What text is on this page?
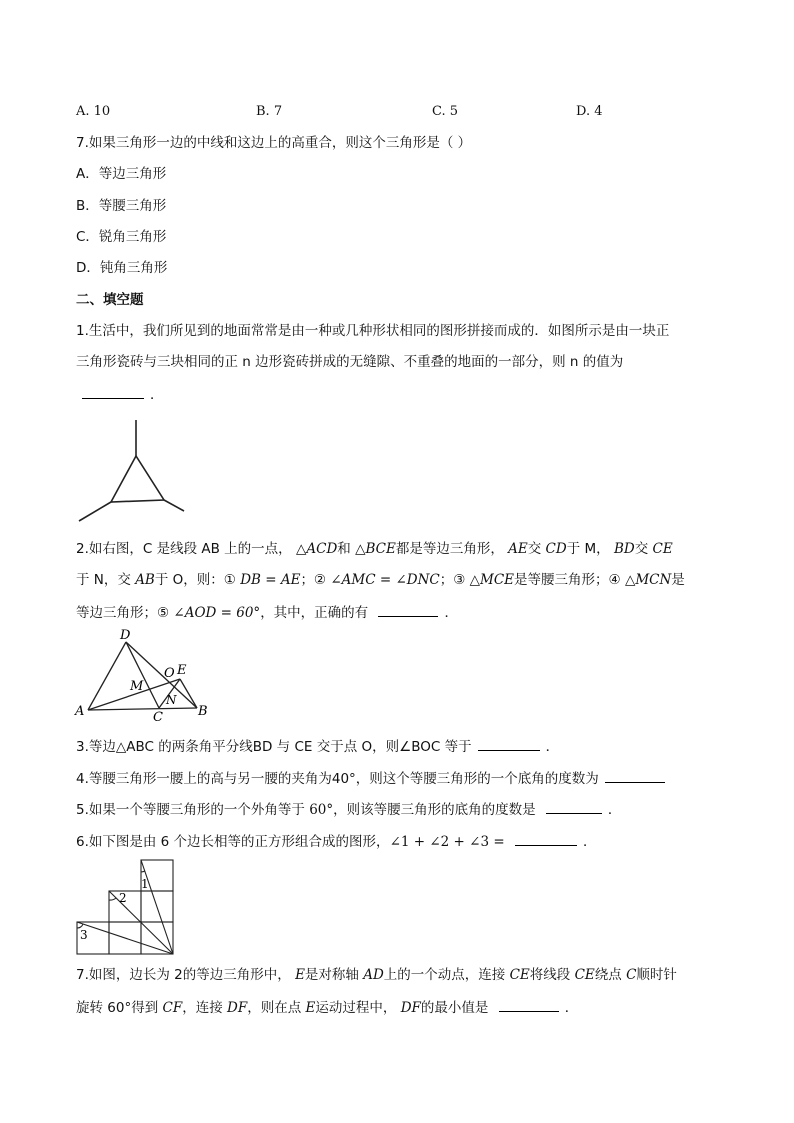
A. 10	B. 7	C. 5	D. 4
7.如果三角形一边的中线和这边上的高重合，则这个三角形是（ ）
A．等边三角形
B．等腰三角形
C．锐角三角形
D．钝角三角形
二、填空题
1.生活中，我们所见到的地面常常是由一种或几种形状相同的图形拼接而成的．如图所示是由一块正
三角形瓷砖与三块相同的正 n 边形瓷砖拼成的无缝隙、不重叠的地面的一部分，则 n 的值为
．
2.如右图，C 是线段 AB 上的一点， △ACD和 △BCE都是等边三角形， AE交 CD于 M， BD交 CE
于 N，交 AB于 O，则：① DB = AE；② ∠AMC = ∠DNC；③ △MCE是等腰三角形；④ △MCN是
等边三角形；⑤ ∠AOD = 60°，其中，正确的有	．
D
O E
M
N
A	C	B
3.等边△ABC 的两条角平分线BD 与 CE 交于点 O，则∠BOC 等于	．
4.等腰三角形一腰上的高与另一腰的夹角为40°，则这个等腰三角形的一个底角的度数为
5.如果一个等腰三角形的一个外角等于 60°，则该等腰三角形的底角的度数是	．
6.如下图是由 6 个边长相等的正方形组合成的图形，∠1 + ∠2 + ∠3 =	．
1
2
3
7.如图，边长为 2的等边三角形中， E是对称轴 AD上的一个动点，连接 CE将线段 CE绕点 C顺时针
旋转 60°得到 CF，连接 DF，则在点 E运动过程中， DF的最小值是	．
